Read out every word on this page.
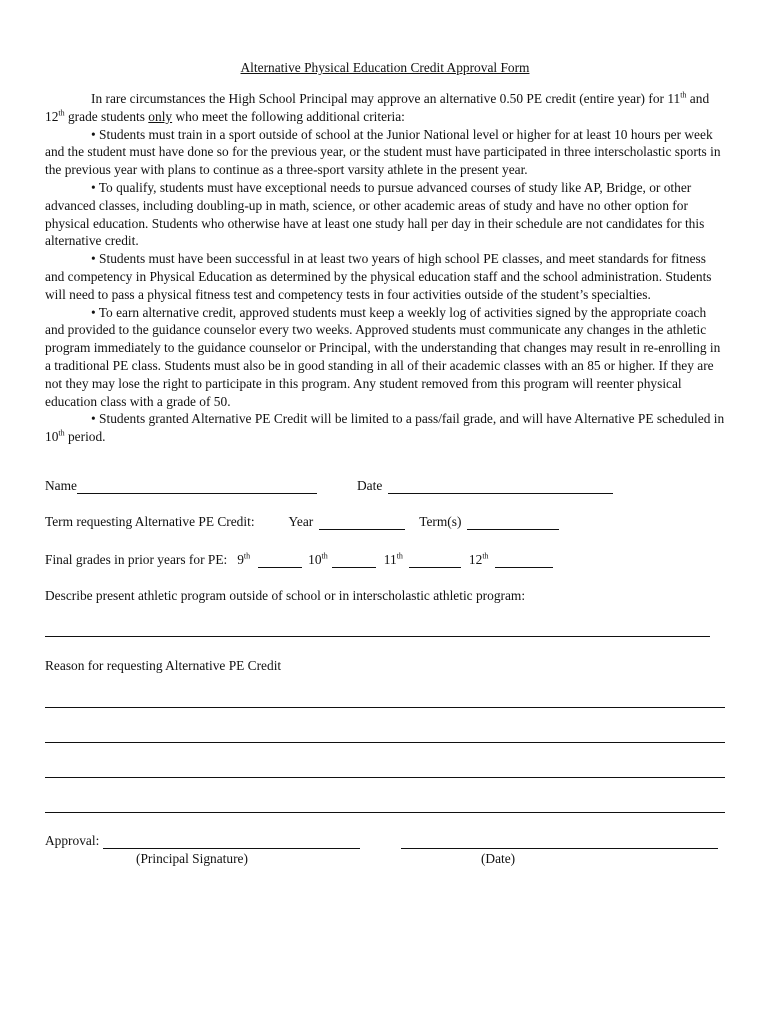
Alternative Physical Education Credit Approval Form

In rare circumstances the High School Principal may approve an alternative 0.50 PE credit (entire year) for 11th and 12th grade students only who meet the following additional criteria:

• Students must train in a sport outside of school at the Junior National level or higher for at least 10 hours per week and the student must have done so for the previous year, or the student must have participated in three interscholastic sports in the previous year with plans to continue as a three-sport varsity athlete in the present year.

• To qualify, students must have exceptional needs to pursue advanced courses of study like AP, Bridge, or other advanced classes, including doubling-up in math, science, or other academic areas of study and have no other option for physical education. Students who otherwise have at least one study hall per day in their schedule are not candidates for this alternative credit.

• Students must have been successful in at least two years of high school PE classes, and meet standards for fitness and competency in Physical Education as determined by the physical education staff and the school administration. Students will need to pass a physical fitness test and competency tests in four activities outside of the student’s specialties.

• To earn alternative credit, approved students must keep a weekly log of activities signed by the appropriate coach and provided to the guidance counselor every two weeks. Approved students must communicate any changes in the athletic program immediately to the guidance counselor or Principal, with the understanding that changes may result in re-enrolling in a traditional PE class. Students must also be in good standing in all of their academic classes with an 85 or higher. If they are not they may lose the right to participate in this program. Any student removed from this program will reenter physical education class with a grade of 50.

• Students granted Alternative PE Credit will be limited to a pass/fail grade, and will have Alternative PE scheduled in 10th period.

Name	Date
Term requesting Alternative PE Credit:	Year	Term(s)
Final grades in prior years for PE: 9th	10th	11th	12th
Describe present athletic program outside of school or in interscholastic athletic program:
Reason for requesting Alternative PE Credit
Approval:
(Principal Signature)	(Date)
